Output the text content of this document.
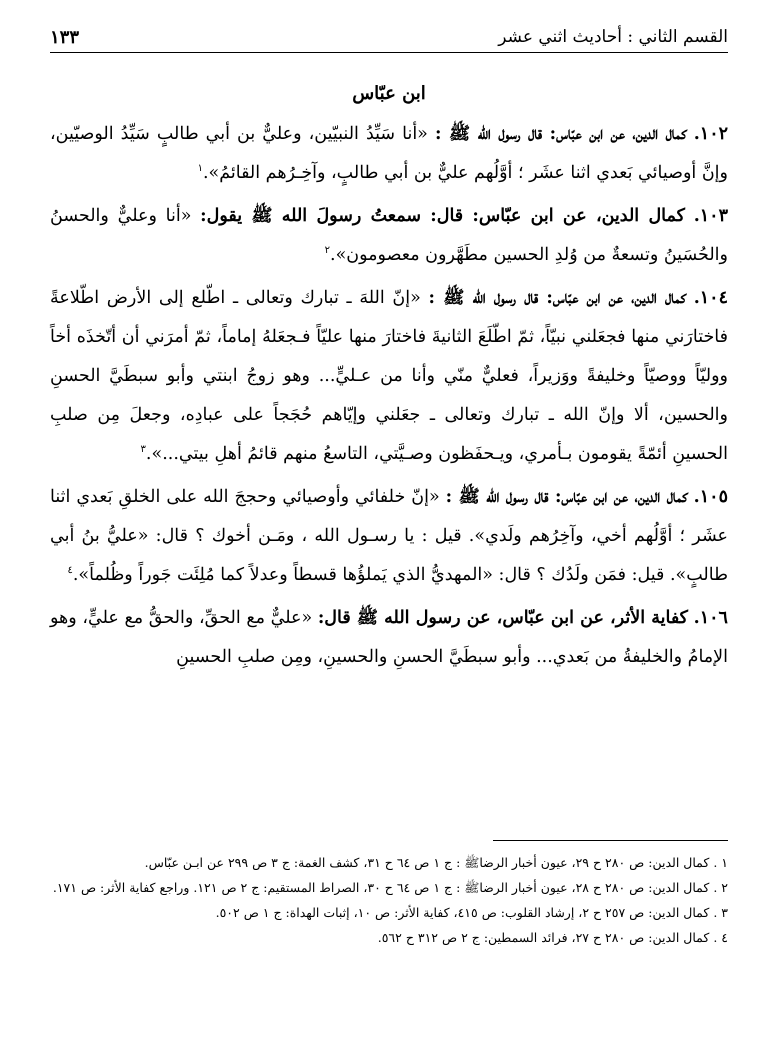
القسم الثاني : أحاديث اثني عشر
١٣٣

ابن عبّاس

١٠٢. كمال الدين، عن ابن عبّاس: قال رسول الله ﷺ : «أنا سَيِّدُ النبيّين، وعليٌّ بن أبي طالبٍ سَيِّدُ الوصيّين، وإنَّ أوصيائي بَعدي اثنا عشَر ؛ أوَّلُهم عليٌّ بن أبي طالبٍ، وآخِـرُهم القائمُ».$^١$

١٠٣. كمال الدين، عن ابن عبّاس: قال: سمعتُ رسولَ الله ﷺ يقول: «أنا وعليٌّ والحسنُ والحُسَينُ وتسعةٌ من وُلدِ الحسين مطَهَّرون معصومون».$^٢$

١٠٤. كمال الدين، عن ابن عبّاس: قال رسول الله ﷺ : «إنّ اللهَ ـ تبارك وتعالى ـ اطّلع إلى الأرض اطّلاعةً فاختارَني منها فجعَلني نبيّاً، ثمّ اطّلَعَ الثانيةَ فاختارَ منها عليّاً فـجعَلهُ إماماً، ثمّ أمرَني أن أتّخذَه أخاً ووليّاً ووصيّاً وخليفةً ووَزيراً، فعليٌّ منّي وأنا من عـليٍّ... وهو زوجُ ابنتي وأبو سبطَيَّ الحسنِ والحسين، ألا وإنّ الله ـ تبارك وتعالى ـ جعَلني وإيّاهم حُجَجاً على عبادِه، وجعلَ مِن صلبِ الحسينِ أئمّةً يقومون بـأمري، ويـحفَظون وصـيَّتي، التاسعُ منهم قائمُ أهلِ بيتي...».$^٣$

١٠٥. كمال الدين، عن ابن عبّاس: قال رسول الله ﷺ : «إنّ خلفائي وأوصيائي وحججَ الله على الخلقِ بَعدي اثنا عشَر ؛ أوَّلُهم أخي، وآخِرُهم ولَدي». قيل : يا رسـول الله ، ومَـن أخوك ؟ قال: «عليُّ بنُ أبي طالبٍ». قيل: فمَن ولَدُك ؟ قال: «المهديُّ الذي يَملؤُها قسطاً وعدلاً كما مُلِئَت جَوراً وظُلماً».$^٤$

١٠٦. كفاية الأثر، عن ابن عبّاس، عن رسول الله ﷺ قال: «عليٌّ مع الحقِّ، والحقُّ مع عليٍّ، وهو الإمامُ والخليفةُ من بَعدي... وأبو سبطَيَّ الحسنِ والحسينِ، ومِن صلبِ الحسينِ

١ . كمال الدين: ص ٢٨٠ ح ٢٩، عيون أخبار الرضاﷺ : ج ١ ص ٦٤ ح ٣١، كشف الغمة: ج ٣ ص ٢٩٩ عن ابـن عبّاس.

٢ . كمال الدين: ص ٢٨٠ ح ٢٨، عيون أخبار الرضاﷺ : ج ١ ص ٦٤ ح ٣٠، الصراط المستقيم: ج ٢ ص ١٢١. وراجع كفاية الأثر: ص ١٧١.

٣ . كمال الدين: ص ٢٥٧ ح ٢، إرشاد القلوب: ص ٤١٥، كفاية الأثر: ص ١٠، إثبات الهداة: ج ١ ص ٥٠٢.

٤ . كمال الدين: ص ٢٨٠ ح ٢٧، فرائد السمطين: ج ٢ ص ٣١٢ ح ٥٦٢.
